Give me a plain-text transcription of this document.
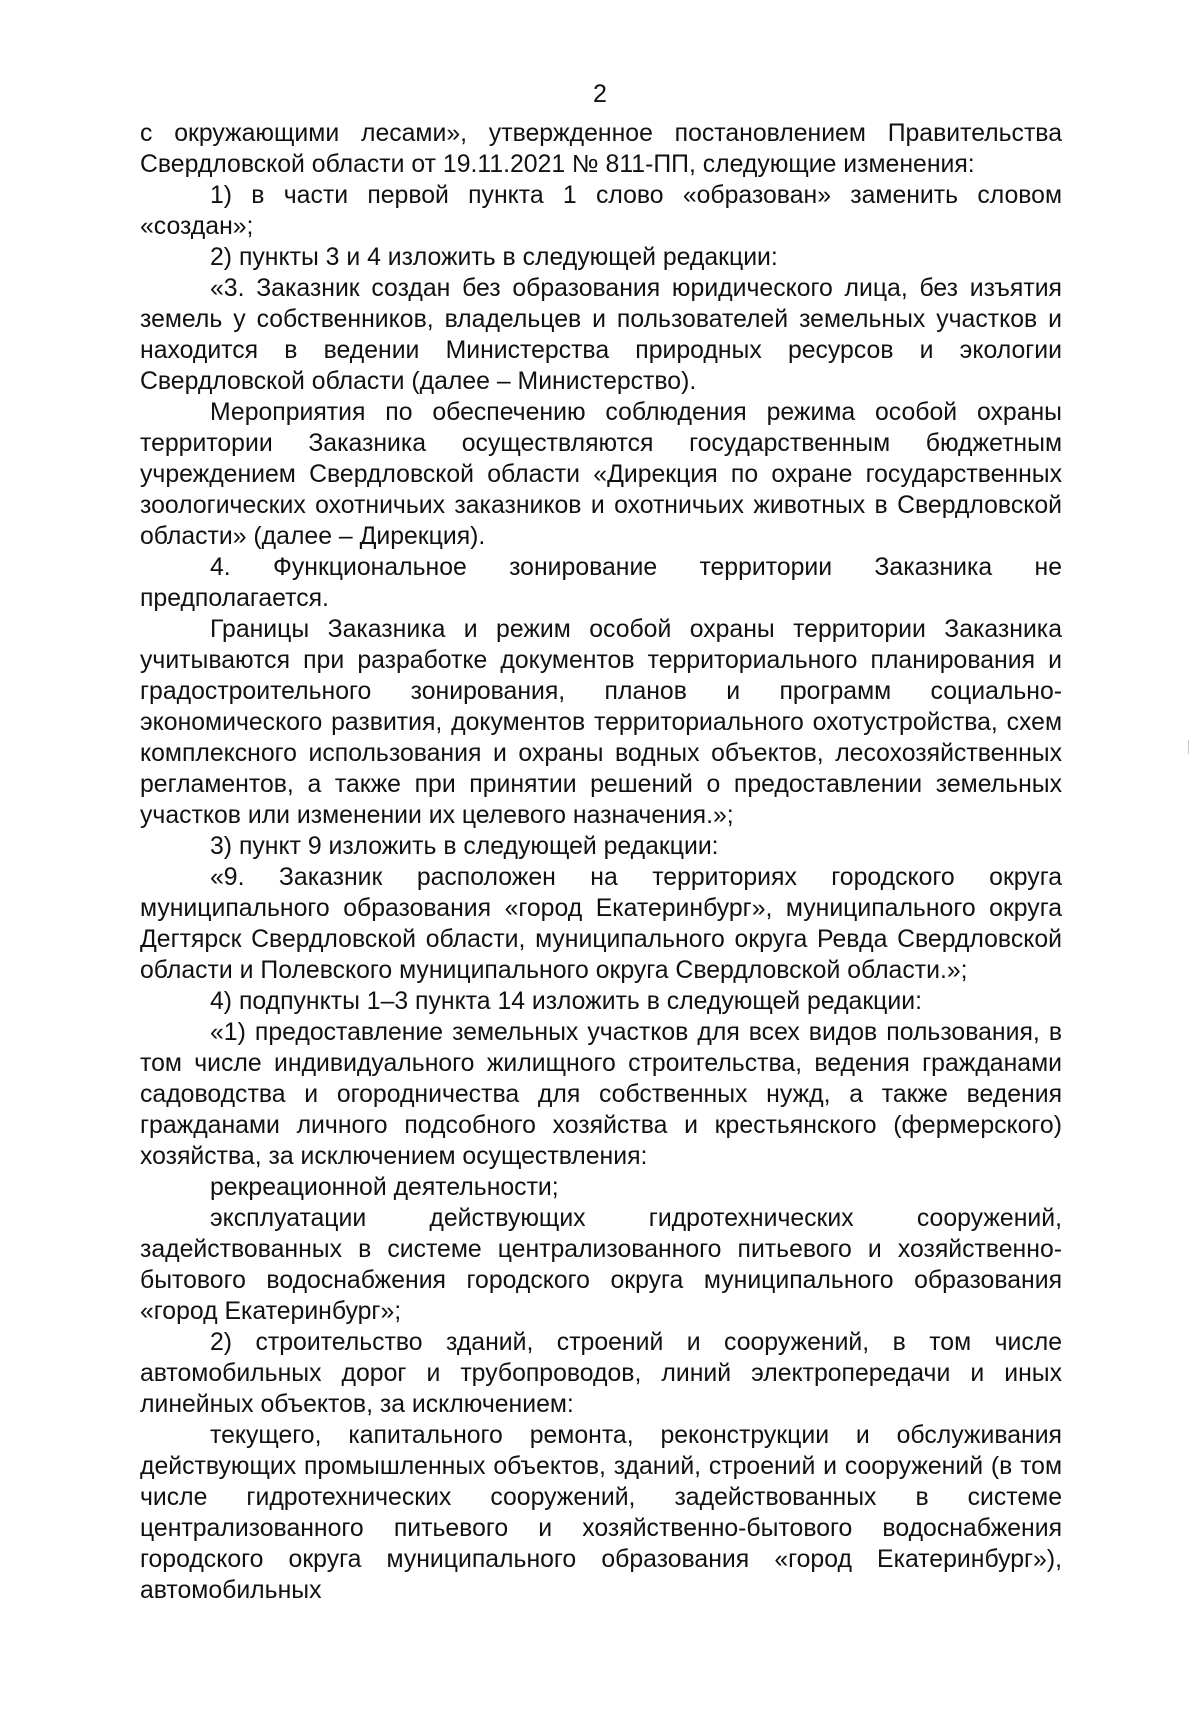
2

с окружающими лесами», утвержденное постановлением Правительства Свердловской области от 19.11.2021 № 811-ПП, следующие изменения:

1) в части первой пункта 1 слово «образован» заменить словом «создан»;

2) пункты 3 и 4 изложить в следующей редакции:

«3. Заказник создан без образования юридического лица, без изъятия земель у собственников, владельцев и пользователей земельных участков и находится в ведении Министерства природных ресурсов и экологии Свердловской области (далее – Министерство).

Мероприятия по обеспечению соблюдения режима особой охраны территории Заказника осуществляются государственным бюджетным учреждением Свердловской области «Дирекция по охране государственных зоологических охотничьих заказников и охотничьих животных в Свердловской области» (далее – Дирекция).

4. Функциональное зонирование территории Заказника не предполагается.

Границы Заказника и режим особой охраны территории Заказника учитываются при разработке документов территориального планирования и градостроительного зонирования, планов и программ социально-экономического развития, документов территориального охотустройства, схем комплексного использования и охраны водных объектов, лесохозяйственных регламентов, а также при принятии решений о предоставлении земельных участков или изменении их целевого назначения.»;

3) пункт 9 изложить в следующей редакции:

«9. Заказник расположен на территориях городского округа муниципального образования «город Екатеринбург», муниципального округа Дегтярск Свердловской области, муниципального округа Ревда Свердловской области и Полевского муниципального округа Свердловской области.»;

4) подпункты 1–3 пункта 14 изложить в следующей редакции:

«1) предоставление земельных участков для всех видов пользования, в том числе индивидуального жилищного строительства, ведения гражданами садоводства и огородничества для собственных нужд, а также ведения гражданами личного подсобного хозяйства и крестьянского (фермерского) хозяйства, за исключением осуществления:

рекреационной деятельности;

эксплуатации действующих гидротехнических сооружений, задействованных в системе централизованного питьевого и хозяйственно-бытового водоснабжения городского округа муниципального образования «город Екатеринбург»;

2) строительство зданий, строений и сооружений, в том числе автомобильных дорог и трубопроводов, линий электропередачи и иных линейных объектов, за исключением:

текущего, капитального ремонта, реконструкции и обслуживания действующих промышленных объектов, зданий, строений и сооружений (в том числе гидротехнических сооружений, задействованных в системе централизованного питьевого и хозяйственно-бытового водоснабжения городского округа муниципального образования «город Екатеринбург»), автомобильных
